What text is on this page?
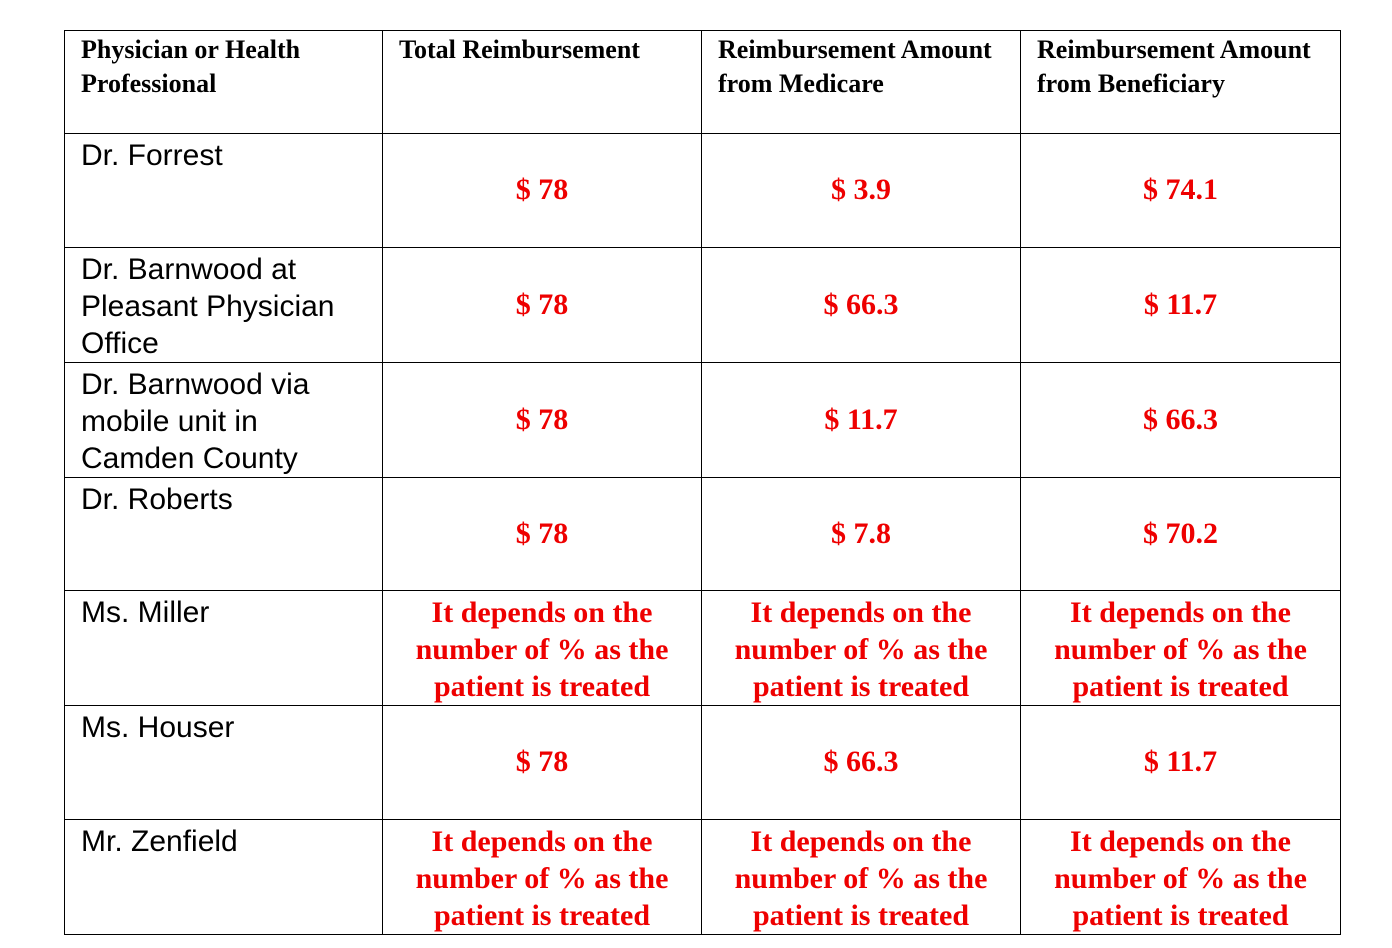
Physician or Health Professional	Total Reimbursement	Reimbursement Amount from Medicare	Reimbursement Amount from Beneficiary
Dr. Forrest	$ 78	$ 3.9	$ 74.1
Dr. Barnwood at Pleasant Physician Office	$ 78	$ 66.3	$ 11.7
Dr. Barnwood via mobile unit in Camden County	$ 78	$ 11.7	$ 66.3
Dr. Roberts	$ 78	$ 7.8	$ 70.2
Ms. Miller	It depends on the number of % as the patient is treated	It depends on the number of % as the patient is treated	It depends on the number of % as the patient is treated
Ms. Houser	$ 78	$ 66.3	$ 11.7
Mr. Zenfield	It depends on the number of % as the patient is treated	It depends on the number of % as the patient is treated	It depends on the number of % as the patient is treated
